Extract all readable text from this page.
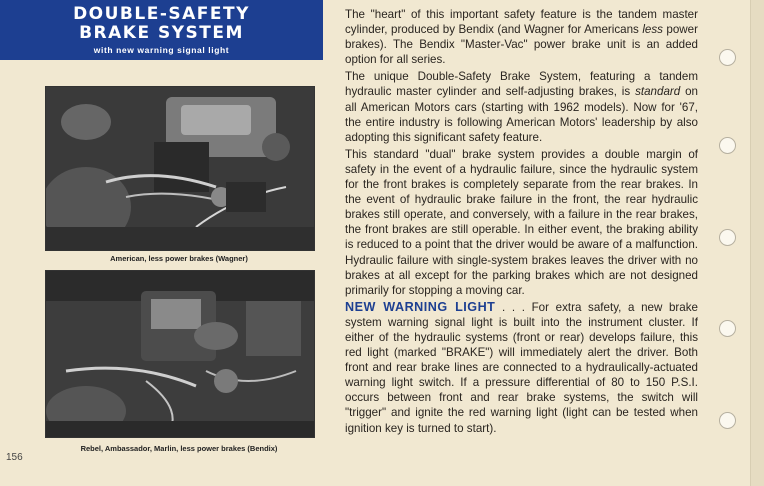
DOUBLE-SAFETY
BRAKE SYSTEM
with new warning signal light
American, less power brakes (Wagner)
Rebel, Ambassador, Marlin, less power brakes (Bendix)
156

The "heart" of this important safety feature is the tandem master cylinder, produced by Bendix (and Wagner for Americans less power brakes). The Bendix "Master-Vac" power brake unit is an added option for all series.

The unique Double-Safety Brake System, featuring a tandem hydraulic master cylinder and self-adjusting brakes, is standard on all American Motors cars (starting with 1962 models). Now for '67, the entire industry is following American Motors' leadership by also adopting this significant safety feature.

This standard "dual" brake system provides a double margin of safety in the event of a hydraulic failure, since the hydraulic system for the front brakes is completely separate from the rear brakes. In the event of hydraulic brake failure in the front, the rear hydraulic brakes still operate, and conversely, with a failure in the rear brakes, the front brakes are still operable. In either event, the braking ability is reduced to a point that the driver would be aware of a malfunction. Hydraulic failure with single-system brakes leaves the driver with no brakes at all except for the parking brakes which are not designed primarily for stopping a moving car.

NEW WARNING LIGHT . . . For extra safety, a new brake system warning signal light is built into the instrument cluster. If either of the hydraulic systems (front or rear) develops failure, this red light (marked "BRAKE") will immediately alert the driver. Both front and rear brake lines are connected to a hydraulically-actuated warning light switch. If a pressure differential of 80 to 150 P.S.I. occurs between front and rear brake systems, the switch will "trigger" and ignite the red warning light (light can be tested when ignition key is turned to start).
